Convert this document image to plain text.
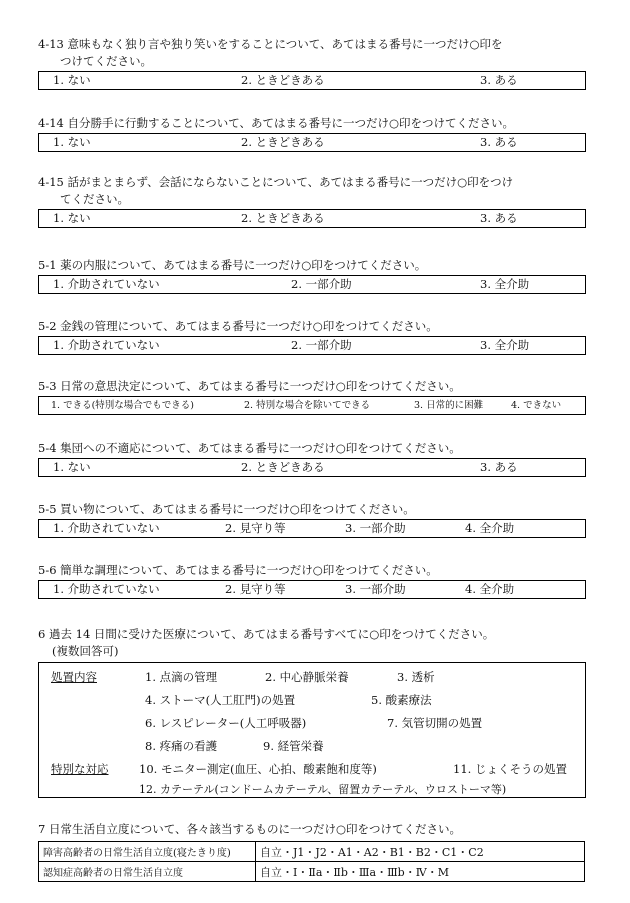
4-13 意味もなく独り言や独り笑いをすることについて、あてはまる番号に一つだけ○印を

つけてください。

1. ない	2. ときどきある	3. ある

4-14 自分勝手に行動することについて、あてはまる番号に一つだけ○印をつけてください。

1. ない	2. ときどきある	3. ある

4-15 話がまとまらず、会話にならないことについて、あてはまる番号に一つだけ○印をつけ

てください。

1. ない	2. ときどきある	3. ある

5-1 薬の内服について、あてはまる番号に一つだけ○印をつけてください。

1. 介助されていない	2. 一部介助	3. 全介助

5-2 金銭の管理について、あてはまる番号に一つだけ○印をつけてください。

1. 介助されていない	2. 一部介助	3. 全介助

5-3 日常の意思決定について、あてはまる番号に一つだけ○印をつけてください。

1. できる(特別な場合でもできる)	2. 特別な場合を除いてできる	3. 日常的に困難	4. できない

5-4 集団への不適応について、あてはまる番号に一つだけ○印をつけてください。

1. ない	2. ときどきある	3. ある

5-5 買い物について、あてはまる番号に一つだけ○印をつけてください。

1. 介助されていない	2. 見守り等	3. 一部介助	4. 全介助

5-6 簡単な調理について、あてはまる番号に一つだけ○印をつけてください。

1. 介助されていない	2. 見守り等	3. 一部介助	4. 全介助
6 過去 14 日間に受けた医療について、あてはまる番号すべてに○印をつけてください。
(複数回答可)
処置内容	1. 点滴の管理	2. 中心静脈栄養	3. 透析
4. ストーマ(人工肛門)の処置	5. 酸素療法
6. レスピレーター(人工呼吸器)	7. 気管切開の処置
8. 疼痛の看護	9. 経管栄養
特別な対応	10. モニター測定(血圧、心拍、酸素飽和度等)	11. じょくそうの処置
12. カテーテル(コンドームカテーテル、留置カテーテル、ウロストーマ等)
7 日常生活自立度について、各々該当するものに一つだけ○印をつけてください。
障害高齢者の日常生活自立度(寝たきり度)	自立・J1・J2・A1・A2・B1・B2・C1・C2
認知症高齢者の日常生活自立度	自立・Ⅰ・Ⅱa・Ⅱb・Ⅲa・Ⅲb・Ⅳ・M
